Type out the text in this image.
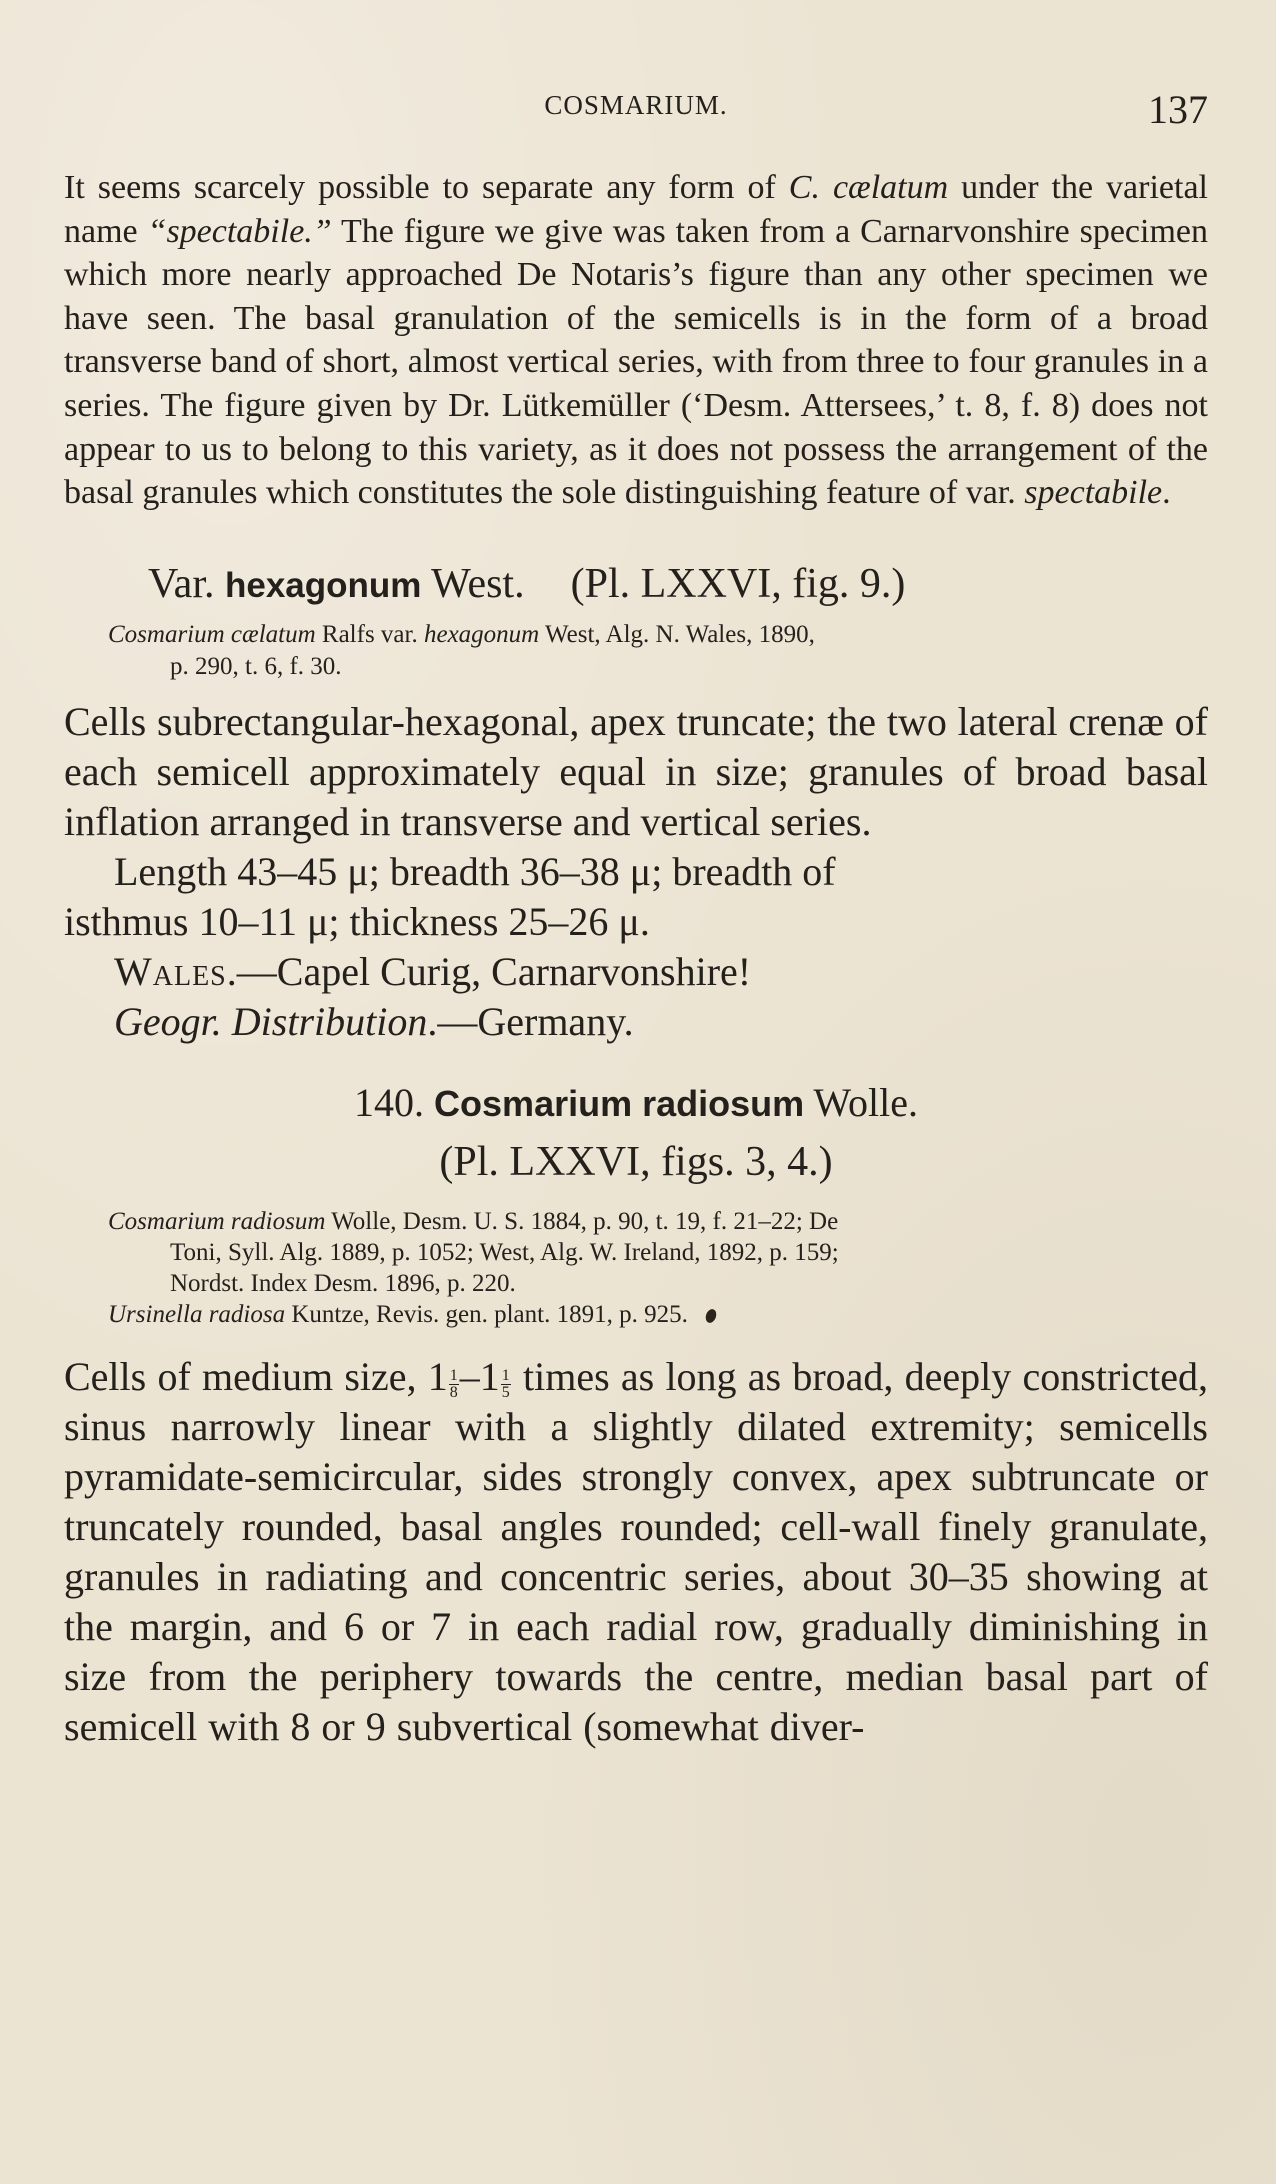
COSMARIUM.	137

It seems scarcely possible to separate any form of C. cælatum under the varietal name “spectabile.” The figure we give was taken from a Carnarvonshire specimen which more nearly approached De Notaris’s figure than any other specimen we have seen. The basal granulation of the semicells is in the form of a broad transverse band of short, almost vertical series, with from three to four granules in a series. The figure given by Dr. Lütkemüller (‘Desm. Attersees,’ t. 8, f. 8) does not appear to us to belong to this variety, as it does not possess the arrangement of the basal granules which constitutes the sole distinguishing feature of var. spectabile.

Var. hexagonum West. (Pl. LXXVI, fig. 9.)
Cosmarium cælatum Ralfs var. hexagonum West, Alg. N. Wales, 1890,
p. 290, t. 6, f. 30.

Cells subrectangular-hexagonal, apex truncate; the two lateral crenæ of each semicell approximately equal in size; granules of broad basal inflation arranged in transverse and vertical series.

Length 43–45 μ; breadth 36–38 μ; breadth of
isthmus 10–11 μ; thickness 25–26 μ.
Wales.—Capel Curig, Carnarvonshire!
Geogr. Distribution.—Germany.
140. Cosmarium radiosum Wolle.
(Pl. LXXVI, figs. 3, 4.)
Cosmarium radiosum Wolle, Desm. U. S. 1884, p. 90, t. 19, f. 21–22; De
Toni, Syll. Alg. 1889, p. 1052; West, Alg. W. Ireland, 1892, p. 159;
Nordst. Index Desm. 1896, p. 220.
Ursinella radiosa Kuntze, Revis. gen. plant. 1891, p. 925.

Cells of medium size, $1 \frac{1}{8} -1 \frac{1}{5}$ times as long as broad, deeply constricted, sinus narrowly linear with a slightly dilated extremity; semicells pyramidate-semicircular, sides strongly convex, apex subtruncate or truncately rounded, basal angles rounded; cell-wall finely granulate, granules in radiating and concentric series, about 30–35 showing at the margin, and 6 or 7 in each radial row, gradually diminishing in size from the periphery towards the centre, median basal part of semicell with 8 or 9 subvertical (somewhat diver-
